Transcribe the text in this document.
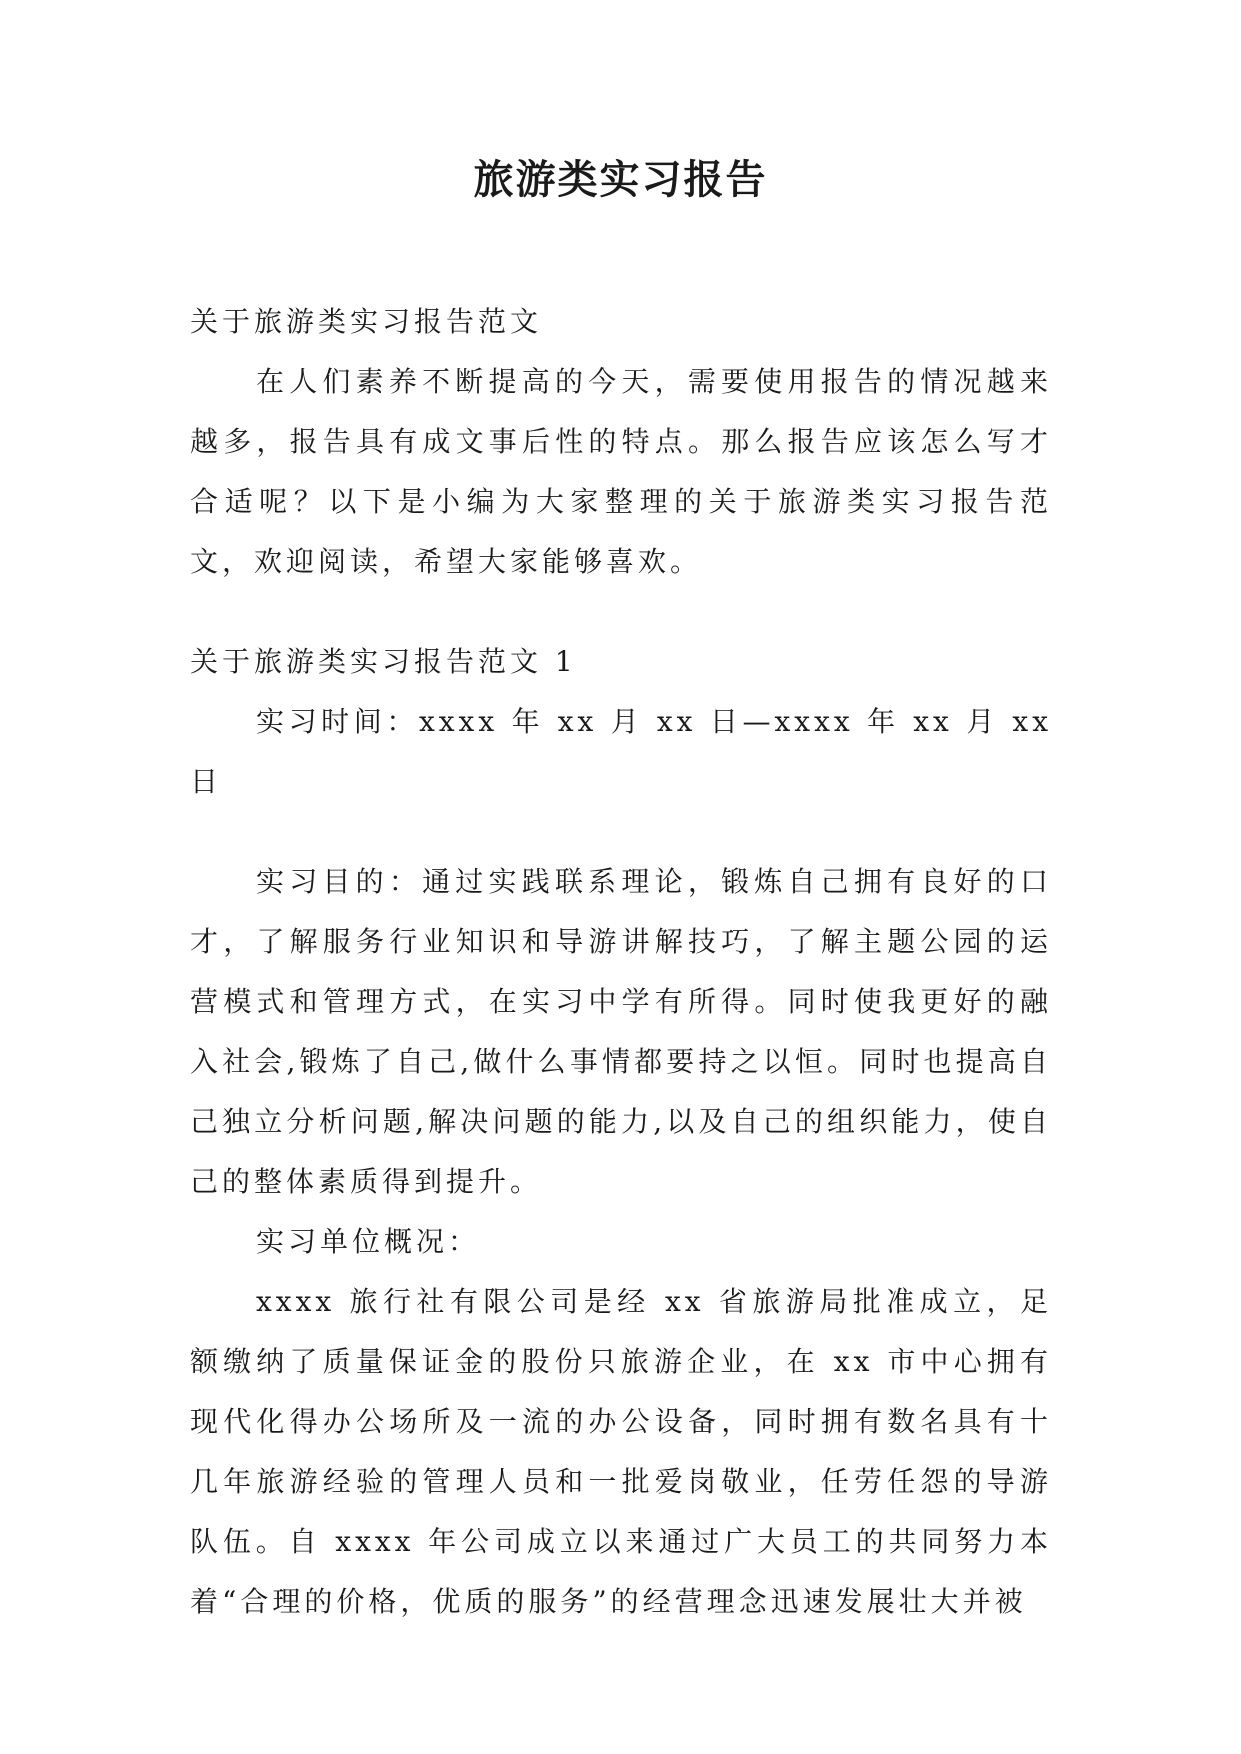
旅游类实习报告

关于旅游类实习报告范文

在人们素养不断提高的今天，需要使用报告的情况越来越多，报告具有成文事后性的特点。那么报告应该怎么写才合适呢？以下是小编为大家整理的关于旅游类实习报告范文，欢迎阅读，希望大家能够喜欢。

关于旅游类实习报告范文 1

实习时间：xxxx 年 xx 月 xx 日—xxxx 年 xx 月 xx 日

实习目的：通过实践联系理论，锻炼自己拥有良好的口才，了解服务行业知识和导游讲解技巧，了解主题公园的运营模式和管理方式，在实习中学有所得。同时使我更好的融入社会,锻炼了自己,做什么事情都要持之以恒。同时也提高自己独立分析问题,解决问题的能力,以及自己的组织能力，使自己的整体素质得到提升。

实习单位概况：

xxxx 旅行社有限公司是经 xx 省旅游局批准成立，足额缴纳了质量保证金的股份只旅游企业，在 xx 市中心拥有现代化得办公场所及一流的办公设备，同时拥有数名具有十几年旅游经验的管理人员和一批爱岗敬业，任劳任怨的导游队伍。自 xxxx 年公司成立以来通过广大员工的共同努力本着“合理的价格，优质的服务”的经营理念迅速发展壮大并被
